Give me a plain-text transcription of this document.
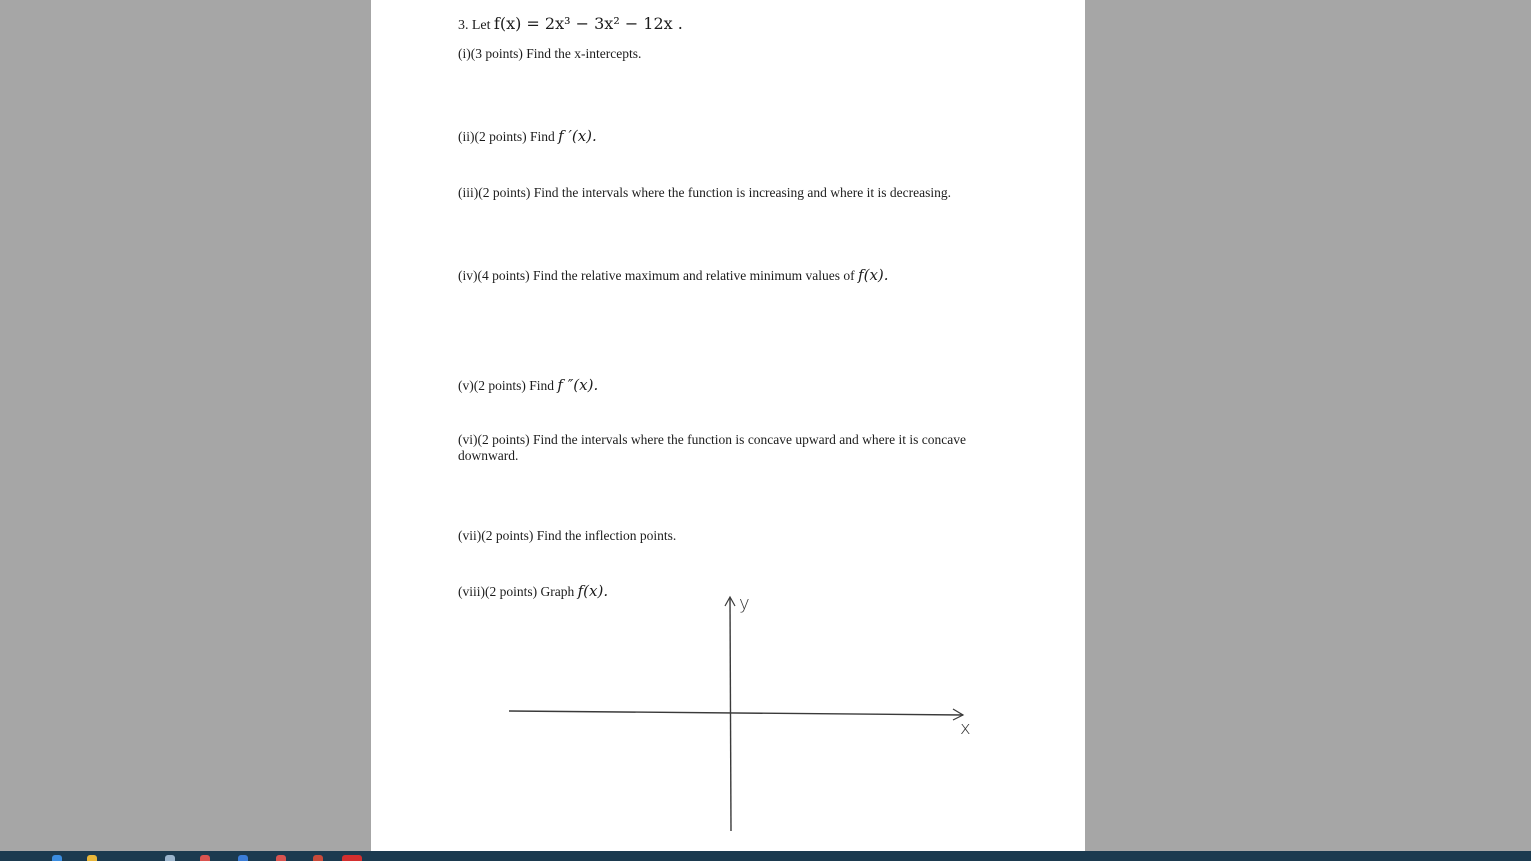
3. Let f(x) = 2x³ − 3x² − 12x .
(i)(3 points) Find the x-intercepts.
(ii)(2 points) Find f ′(x).
(iii)(2 points) Find the intervals where the function is increasing and where it is decreasing.
(iv)(4 points) Find the relative maximum and relative minimum values of f(x).
(v)(2 points) Find f ″(x).
(vi)(2 points) Find the intervals where the function is concave upward and where it is concave downward.
(vii)(2 points) Find the inflection points.
(viii)(2 points) Graph f(x).
y
x
